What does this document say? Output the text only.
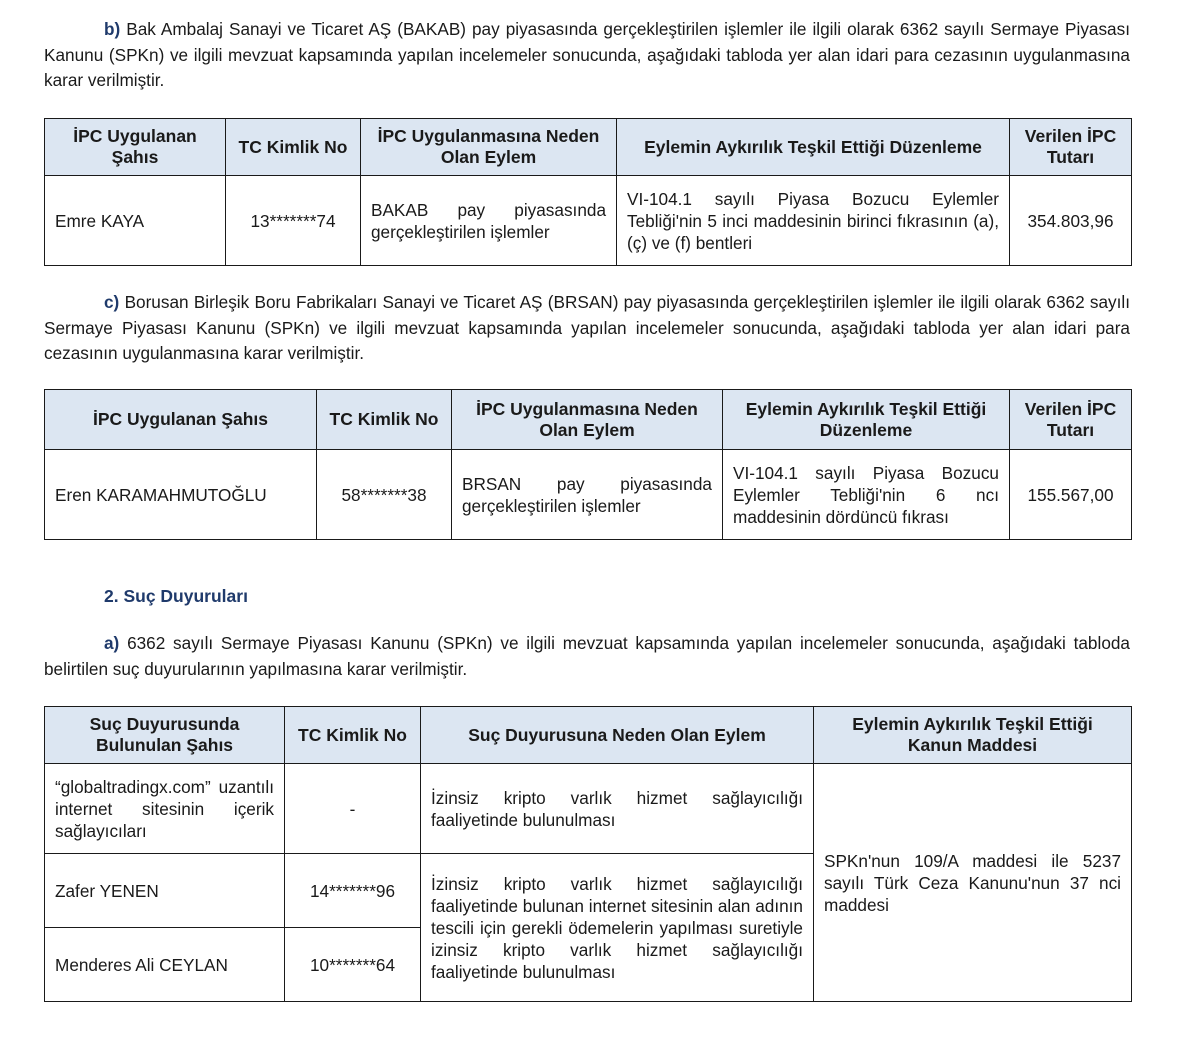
b) Bak Ambalaj Sanayi ve Ticaret AŞ (BAKAB) pay piyasasında gerçekleştirilen işlemler ile ilgili olarak 6362 sayılı Sermaye Piyasası Kanunu (SPKn) ve ilgili mevzuat kapsamında yapılan incelemeler sonucunda, aşağıdaki tabloda yer alan idari para cezasının uygulanmasına karar verilmiştir.
İPC Uygulanan Şahıs	TC Kimlik No	İPC Uygulanmasına Neden Olan Eylem	Eylemin Aykırılık Teşkil Ettiği Düzenleme	Verilen İPC Tutarı
Emre KAYA	13*******74	BAKAB pay piyasasında gerçekleştirilen işlemler	VI-104.1 sayılı Piyasa Bozucu Eylemler Tebliği'nin 5 inci maddesinin birinci fıkrasının (a), (ç) ve (f) bentleri	354.803,96
c) Borusan Birleşik Boru Fabrikaları Sanayi ve Ticaret AŞ (BRSAN) pay piyasasında gerçekleştirilen işlemler ile ilgili olarak 6362 sayılı Sermaye Piyasası Kanunu (SPKn) ve ilgili mevzuat kapsamında yapılan incelemeler sonucunda, aşağıdaki tabloda yer alan idari para cezasının uygulanmasına karar verilmiştir.
İPC Uygulanan Şahıs	TC Kimlik No	İPC Uygulanmasına Neden Olan Eylem	Eylemin Aykırılık Teşkil Ettiği Düzenleme	Verilen İPC Tutarı
Eren KARAMAHMUTOĞLU	58*******38	BRSAN pay piyasasında gerçekleştirilen işlemler	VI-104.1 sayılı Piyasa Bozucu Eylemler Tebliği'nin 6 ncı maddesinin dördüncü fıkrası	155.567,00
2. Suç Duyuruları
a) 6362 sayılı Sermaye Piyasası Kanunu (SPKn) ve ilgili mevzuat kapsamında yapılan incelemeler sonucunda, aşağıdaki tabloda belirtilen suç duyurularının yapılmasına karar verilmiştir.
Suç Duyurusunda Bulunulan Şahıs	TC Kimlik No	Suç Duyurusuna Neden Olan Eylem	Eylemin Aykırılık Teşkil Ettiği Kanun Maddesi
“globaltradingx.com” uzantılı internet sitesinin içerik sağlayıcıları	-	İzinsiz kripto varlık hizmet sağlayıcılığı faaliyetinde bulunulması	SPKn'nun 109/A maddesi ile 5237 sayılı Türk Ceza Kanunu'nun 37 nci maddesi
Zafer YENEN	14*******96	İzinsiz kripto varlık hizmet sağlayıcılığı faaliyetinde bulunan internet sitesinin alan adının tescili için gerekli ödemelerin yapılması suretiyle izinsiz kripto varlık hizmet sağlayıcılığı faaliyetinde bulunulması	
Menderes Ali CEYLAN	10*******64		
